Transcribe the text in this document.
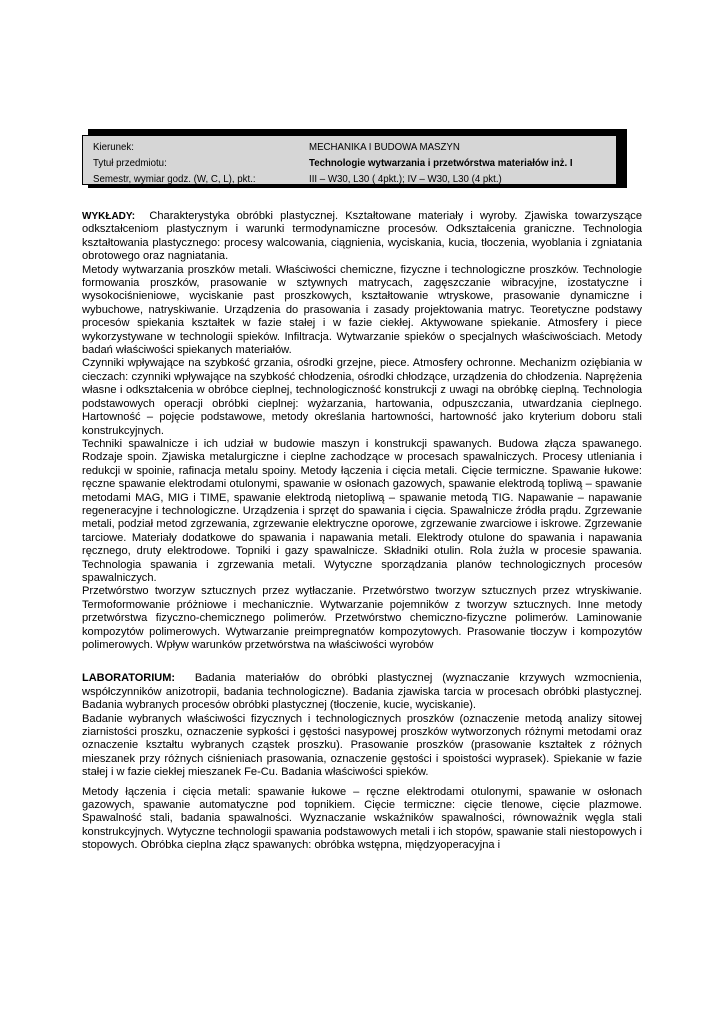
Kierunek:	MECHANIKA I BUDOWA MASZYN
Tytuł przedmiotu:	Technologie wytwarzania i przetwórstwa materiałów inż. I
Semestr, wymiar godz. (W, C, L), pkt.:	III – W30, L30 ( 4pkt.); IV – W30, L30 (4 pkt.)

WYKŁADY: Charakterystyka obróbki plastycznej. Kształtowane materiały i wyroby. Zjawiska towarzyszące odkształceniom plastycznym i warunki termodynamiczne procesów. Odkształcenia graniczne. Technologia kształtowania plastycznego: procesy walcowania, ciągnienia, wyciskania, kucia, tłoczenia, wyoblania i zgniatania obrotowego oraz nagniatania.

Metody wytwarzania proszków metali. Właściwości chemiczne, fizyczne i technologiczne proszków. Technologie formowania proszków, prasowanie w sztywnych matrycach, zagęszczanie wibracyjne, izostatyczne i wysokociśnieniowe, wyciskanie past proszkowych, kształtowanie wtryskowe, prasowanie dynamiczne i wybuchowe, natryskiwanie. Urządzenia do prasowania i zasady projektowania matryc. Teoretyczne podstawy procesów spiekania kształtek w fazie stałej i w fazie ciekłej. Aktywowane spiekanie. Atmosfery i piece wykorzystywane w technologii spieków. Infiltracja. Wytwarzanie spieków o specjalnych właściwościach. Metody badań właściwości spiekanych materiałów.

Czynniki wpływające na szybkość grzania, ośrodki grzejne, piece. Atmosfery ochronne. Mechanizm oziębiania w cieczach: czynniki wpływające na szybkość chłodzenia, ośrodki chłodzące, urządzenia do chłodzenia. Naprężenia własne i odkształcenia w obróbce cieplnej, technologiczność konstrukcji z uwagi na obróbkę cieplną. Technologia podstawowych operacji obróbki cieplnej: wyżarzania, hartowania, odpuszczania, utwardzania cieplnego. Hartowność – pojęcie podstawowe, metody określania hartowności, hartowność jako kryterium doboru stali konstrukcyjnych.

Techniki spawalnicze i ich udział w budowie maszyn i konstrukcji spawanych. Budowa złącza spawanego. Rodzaje spoin. Zjawiska metalurgiczne i cieplne zachodzące w procesach spawalniczych. Procesy utleniania i redukcji w spoinie, rafinacja metalu spoiny. Metody łączenia i cięcia metali. Cięcie termiczne. Spawanie łukowe: ręczne spawanie elektrodami otulonymi, spawanie w osłonach gazowych, spawanie elektrodą topliwą – spawanie metodami MAG, MIG i TIME, spawanie elektrodą nietopliwą – spawanie metodą TIG. Napawanie – napawanie regeneracyjne i technologiczne. Urządzenia i sprzęt do spawania i cięcia. Spawalnicze źródła prądu. Zgrzewanie metali, podział metod zgrzewania, zgrzewanie elektryczne oporowe, zgrzewanie zwarciowe i iskrowe. Zgrzewanie tarciowe. Materiały dodatkowe do spawania i napawania metali. Elektrody otulone do spawania i napawania ręcznego, druty elektrodowe. Topniki i gazy spawalnicze. Składniki otulin. Rola żużla w procesie spawania. Technologia spawania i zgrzewania metali. Wytyczne sporządzania planów technologicznych procesów spawalniczych.

Przetwórstwo tworzyw sztucznych przez wytłaczanie. Przetwórstwo tworzyw sztucznych przez wtryskiwanie. Termoformowanie próżniowe i mechanicznie. Wytwarzanie pojemników z tworzyw sztucznych. Inne metody przetwórstwa fizyczno-chemicznego polimerów. Przetwórstwo chemiczno-fizyczne polimerów. Laminowanie kompozytów polimerowych. Wytwarzanie preimpregnatów kompozytowych. Prasowanie tłoczyw i kompozytów polimerowych. Wpływ warunków przetwórstwa na właściwości wyrobów

LABORATORIUM: Badania materiałów do obróbki plastycznej (wyznaczanie krzywych wzmocnienia, współczynników anizotropii, badania technologiczne). Badania zjawiska tarcia w procesach obróbki plastycznej. Badania wybranych procesów obróbki plastycznej (tłoczenie, kucie, wyciskanie).

Badanie wybranych właściwości fizycznych i technologicznych proszków (oznaczenie metodą analizy sitowej ziarnistości proszku, oznaczenie sypkości i gęstości nasypowej proszków wytworzonych różnymi metodami oraz oznaczenie kształtu wybranych cząstek proszku). Prasowanie proszków (prasowanie kształtek z różnych mieszanek przy różnych ciśnieniach prasowania, oznaczenie gęstości i spoistości wyprasek). Spiekanie w fazie stałej i w fazie ciekłej mieszanek Fe-Cu. Badania właściwości spieków.

Metody łączenia i cięcia metali: spawanie łukowe – ręczne elektrodami otulonymi, spawanie w osłonach gazowych, spawanie automatyczne pod topnikiem. Cięcie termiczne: cięcie tlenowe, cięcie plazmowe. Spawalność stali, badania spawalności. Wyznaczanie wskaźników spawalności, równoważnik węgla stali konstrukcyjnych. Wytyczne technologii spawania podstawowych metali i ich stopów, spawanie stali niestopowych i stopowych. Obróbka cieplna złącz spawanych: obróbka wstępna, międzyoperacyjna i
